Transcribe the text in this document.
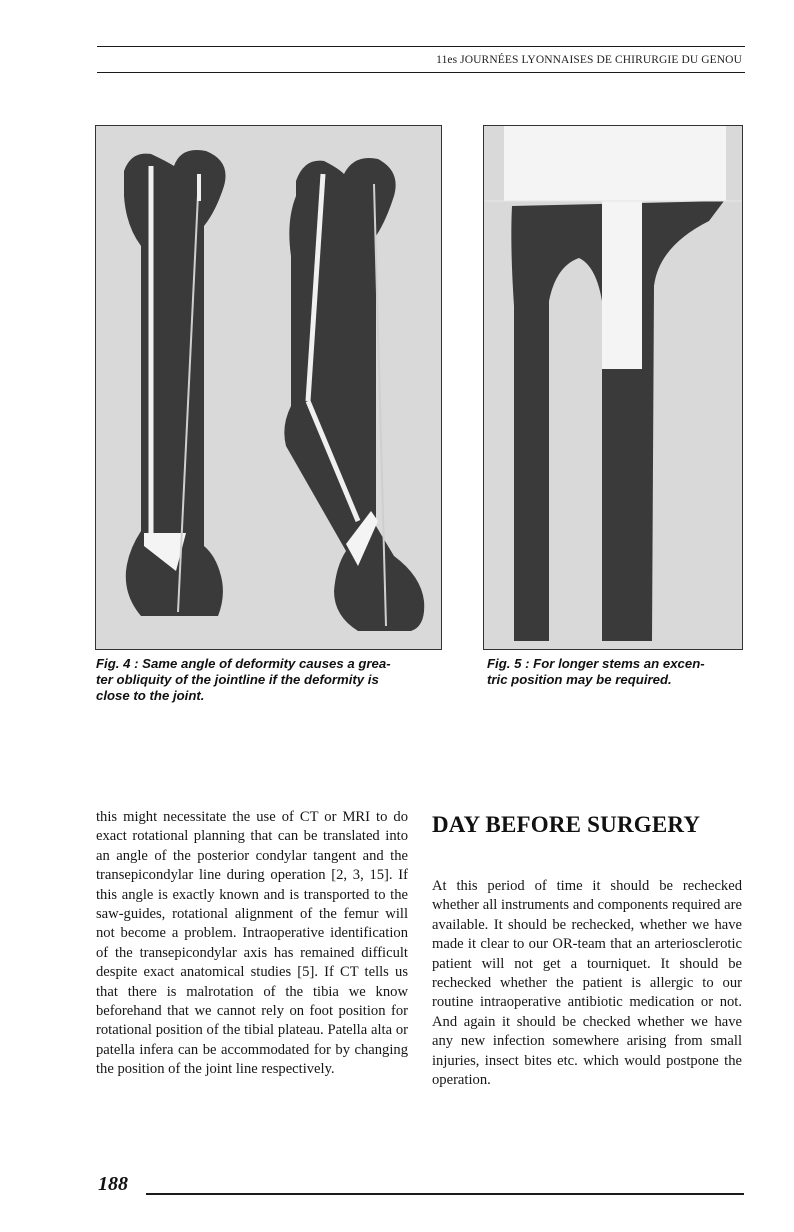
11es JOURNÉES LYONNAISES DE CHIRURGIE DU GENOU
Fig. 4 : Same angle of deformity causes a grea-
ter obliquity of the jointline if the deformity is
close to the joint.
Fig. 5 : For longer stems an excen-
tric position may be required.
this might necessitate the use of CT or MRI to do exact rotational planning that can be translated into an angle of the posterior condylar tangent and the transepicondylar line during operation [2, 3, 15]. If this angle is exactly known and is transported to the saw-guides, rotational alignment of the femur will not become a problem. Intraoperative identification of the transepicondylar axis has remained difficult despite exact anatomical studies [5]. If CT tells us that there is malrotation of the tibia we know beforehand that we cannot rely on foot position for rotational position of the tibial plateau. Patella alta or patella infera can be accommodated for by changing the position of the joint line respectively.
DAY BEFORE SURGERY
At this period of time it should be rechecked whether all instruments and components required are available. It should be rechecked, whether we have made it clear to our OR-team that an arteriosclerotic patient will not get a tourniquet. It should be rechecked whether the patient is allergic to our routine intraoperative antibiotic medication or not. And again it should be checked whether we have any new infection somewhere arising from small injuries, insect bites etc. which would postpone the operation.
188
